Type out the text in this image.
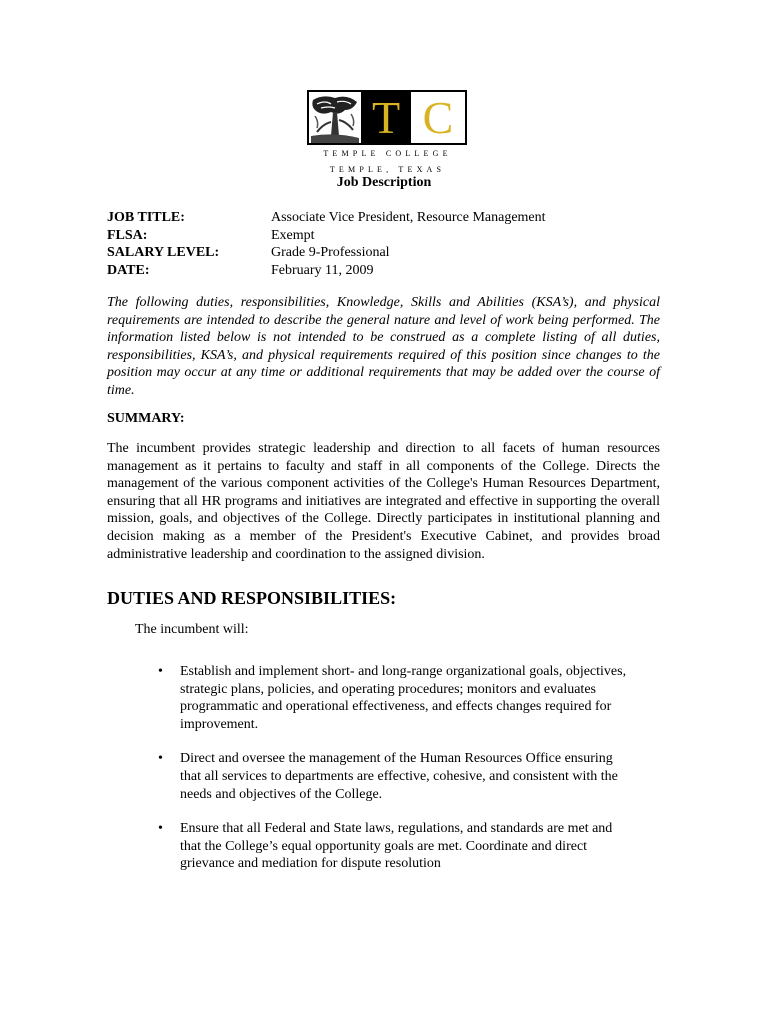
T C
TEMPLE COLLEGE
TEMPLE, TEXAS
Job Description
JOB TITLE:	Associate Vice President, Resource Management
FLSA:	Exempt
SALARY LEVEL:	Grade 9-Professional
DATE:	February 11, 2009

The following duties, responsibilities, Knowledge, Skills and Abilities (KSA’s), and physical requirements are intended to describe the general nature and level of work being performed. The information listed below is not intended to be construed as a complete listing of all duties, responsibilities, KSA’s, and physical requirements required of this position since changes to the position may occur at any time or additional requirements that may be added over the course of time.

SUMMARY:

The incumbent provides strategic leadership and direction to all facets of human resources management as it pertains to faculty and staff in all components of the College. Directs the management of the various component activities of the College's Human Resources Department, ensuring that all HR programs and initiatives are integrated and effective in supporting the overall mission, goals, and objectives of the College. Directly participates in institutional planning and decision making as a member of the President's Executive Cabinet, and provides broad administrative leadership and coordination to the assigned division.

DUTIES AND RESPONSIBILITIES:
The incumbent will:
• Establish and implement short- and long-range organizational goals, objectives, strategic plans, policies, and operating procedures; monitors and evaluates programmatic and operational effectiveness, and effects changes required for improvement.
• Direct and oversee the management of the Human Resources Office ensuring that all services to departments are effective, cohesive, and consistent with the needs and objectives of the College.
• Ensure that all Federal and State laws, regulations, and standards are met and that the College’s equal opportunity goals are met. Coordinate and direct grievance and mediation for dispute resolution
